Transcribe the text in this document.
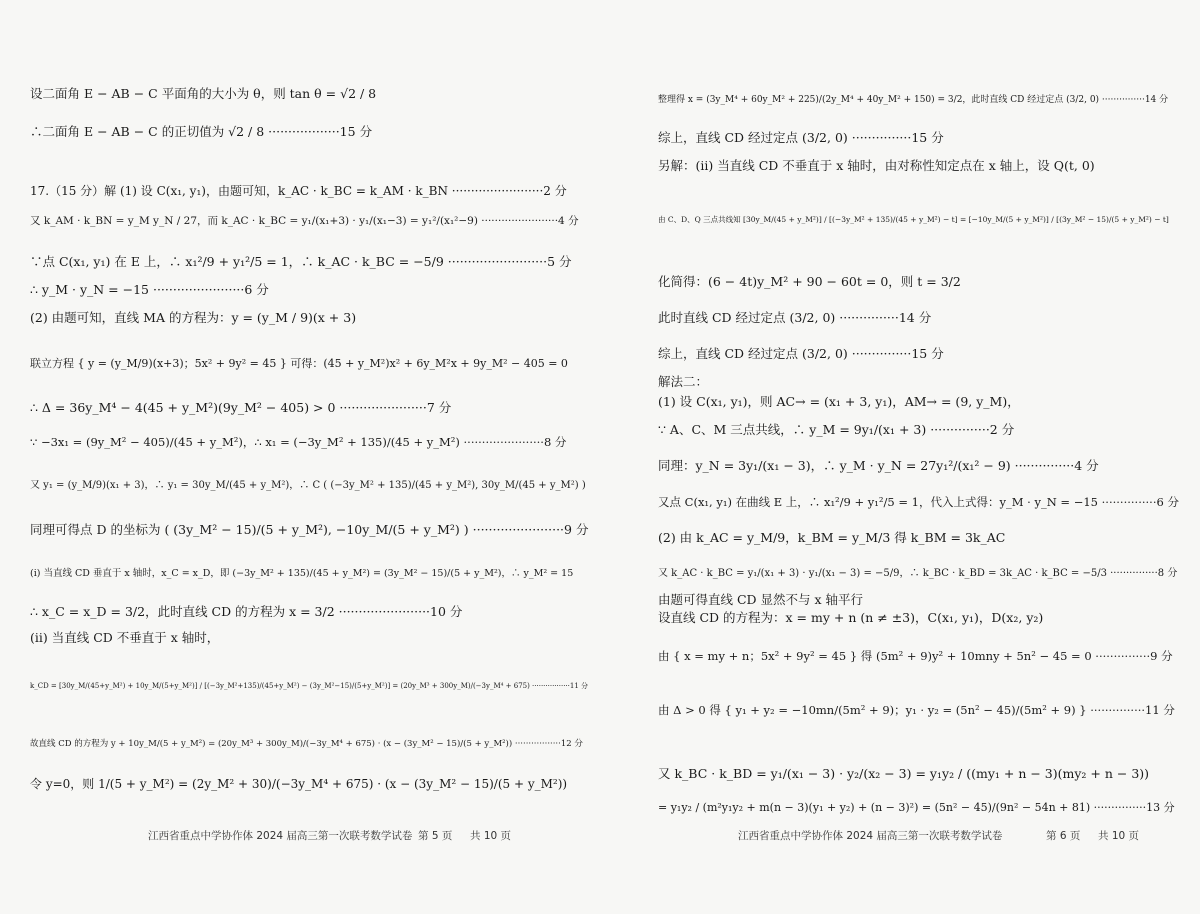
设二面角 E − AB − C 平面角的大小为 θ，则 tan θ = √2 / 8
∴二面角 E − AB − C 的正切值为 √2 / 8 ··················15 分
17.（15 分）解 (1) 设 C(x₁, y₁)，由题可知，k_AC · k_BC = k_AM · k_BN ························2 分
又 k_AM · k_BN = y_M y_N / 27，而 k_AC · k_BC = y₁/(x₁+3) · y₁/(x₁−3) = y₁²/(x₁²−9) ·······················4 分
∵点 C(x₁, y₁) 在 E 上，∴ x₁²/9 + y₁²/5 = 1，∴ k_AC · k_BC = −5/9 ·························5 分
∴ y_M · y_N = −15 ·······················6 分
(2) 由题可知，直线 MA 的方程为：y = (y_M / 9)(x + 3)
联立方程 { y = (y_M/9)(x+3)；5x² + 9y² = 45 } 可得：(45 + y_M²)x² + 6y_M²x + 9y_M² − 405 = 0
∴ Δ = 36y_M⁴ − 4(45 + y_M²)(9y_M² − 405) > 0 ······················7 分
∵ −3x₁ = (9y_M² − 405)/(45 + y_M²)，∴ x₁ = (−3y_M² + 135)/(45 + y_M²) ······················8 分
又 y₁ = (y_M/9)(x₁ + 3)，∴ y₁ = 30y_M/(45 + y_M²)，∴ C ( (−3y_M² + 135)/(45 + y_M²), 30y_M/(45 + y_M²) )
同理可得点 D 的坐标为 ( (3y_M² − 15)/(5 + y_M²), −10y_M/(5 + y_M²) ) ·······················9 分
(i) 当直线 CD 垂直于 x 轴时，x_C = x_D，即 (−3y_M² + 135)/(45 + y_M²) = (3y_M² − 15)/(5 + y_M²)，∴ y_M² = 15
∴ x_C = x_D = 3/2，此时直线 CD 的方程为 x = 3/2 ·······················10 分
(ii) 当直线 CD 不垂直于 x 轴时，
k_CD = [30y_M/(45+y_M²) + 10y_M/(5+y_M²)] / [(−3y_M²+135)/(45+y_M²) − (3y_M²−15)/(5+y_M²)] = (20y_M³ + 300y_M)/(−3y_M⁴ + 675) ·················11 分
故直线 CD 的方程为 y + 10y_M/(5 + y_M²) = (20y_M³ + 300y_M)/(−3y_M⁴ + 675) · (x − (3y_M² − 15)/(5 + y_M²)) ·················12 分
令 y=0，则 1/(5 + y_M²) = (2y_M² + 30)/(−3y_M⁴ + 675) · (x − (3y_M² − 15)/(5 + y_M²))
江西省重点中学协作体 2024 届高三第一次联考数学试卷 第 5 页 共 10 页
整理得 x = (3y_M⁴ + 60y_M² + 225)/(2y_M⁴ + 40y_M² + 150) = 3/2，此时直线 CD 经过定点 (3/2, 0) ···············14 分
综上，直线 CD 经过定点 (3/2, 0) ···············15 分
另解：(ii) 当直线 CD 不垂直于 x 轴时，由对称性知定点在 x 轴上，设 Q(t, 0)
由 C、D、Q 三点共线知 [30y_M/(45 + y_M²)] / [(−3y_M² + 135)/(45 + y_M²) − t] = [−10y_M/(5 + y_M²)] / [(3y_M² − 15)/(5 + y_M²) − t]
化简得：(6 − 4t)y_M² + 90 − 60t = 0，则 t = 3/2
此时直线 CD 经过定点 (3/2, 0) ···············14 分
综上，直线 CD 经过定点 (3/2, 0) ···············15 分
解法二：
(1) 设 C(x₁, y₁)，则 AC→ = (x₁ + 3, y₁)，AM→ = (9, y_M)，
∵ A、C、M 三点共线，∴ y_M = 9y₁/(x₁ + 3) ···············2 分
同理：y_N = 3y₁/(x₁ − 3)，∴ y_M · y_N = 27y₁²/(x₁² − 9) ···············4 分
又点 C(x₁, y₁) 在曲线 E 上，∴ x₁²/9 + y₁²/5 = 1，代入上式得：y_M · y_N = −15 ···············6 分
(2) 由 k_AC = y_M/9，k_BM = y_M/3 得 k_BM = 3k_AC
又 k_AC · k_BC = y₁/(x₁ + 3) · y₁/(x₁ − 3) = −5/9，∴ k_BC · k_BD = 3k_AC · k_BC = −5/3 ···············8 分
由题可得直线 CD 显然不与 x 轴平行
设直线 CD 的方程为：x = my + n (n ≠ ±3)，C(x₁, y₁)，D(x₂, y₂)
由 { x = my + n；5x² + 9y² = 45 } 得 (5m² + 9)y² + 10mny + 5n² − 45 = 0 ···············9 分
由 Δ > 0 得 { y₁ + y₂ = −10mn/(5m² + 9)；y₁ · y₂ = (5n² − 45)/(5m² + 9) } ···············11 分
又 k_BC · k_BD = y₁/(x₁ − 3) · y₂/(x₂ − 3) = y₁y₂ / ((my₁ + n − 3)(my₂ + n − 3))
= y₁y₂ / (m²y₁y₂ + m(n − 3)(y₁ + y₂) + (n − 3)²) = (5n² − 45)/(9n² − 54n + 81) ···············13 分
江西省重点中学协作体 2024 届高三第一次联考数学试卷	第 6 页 共 10 页
